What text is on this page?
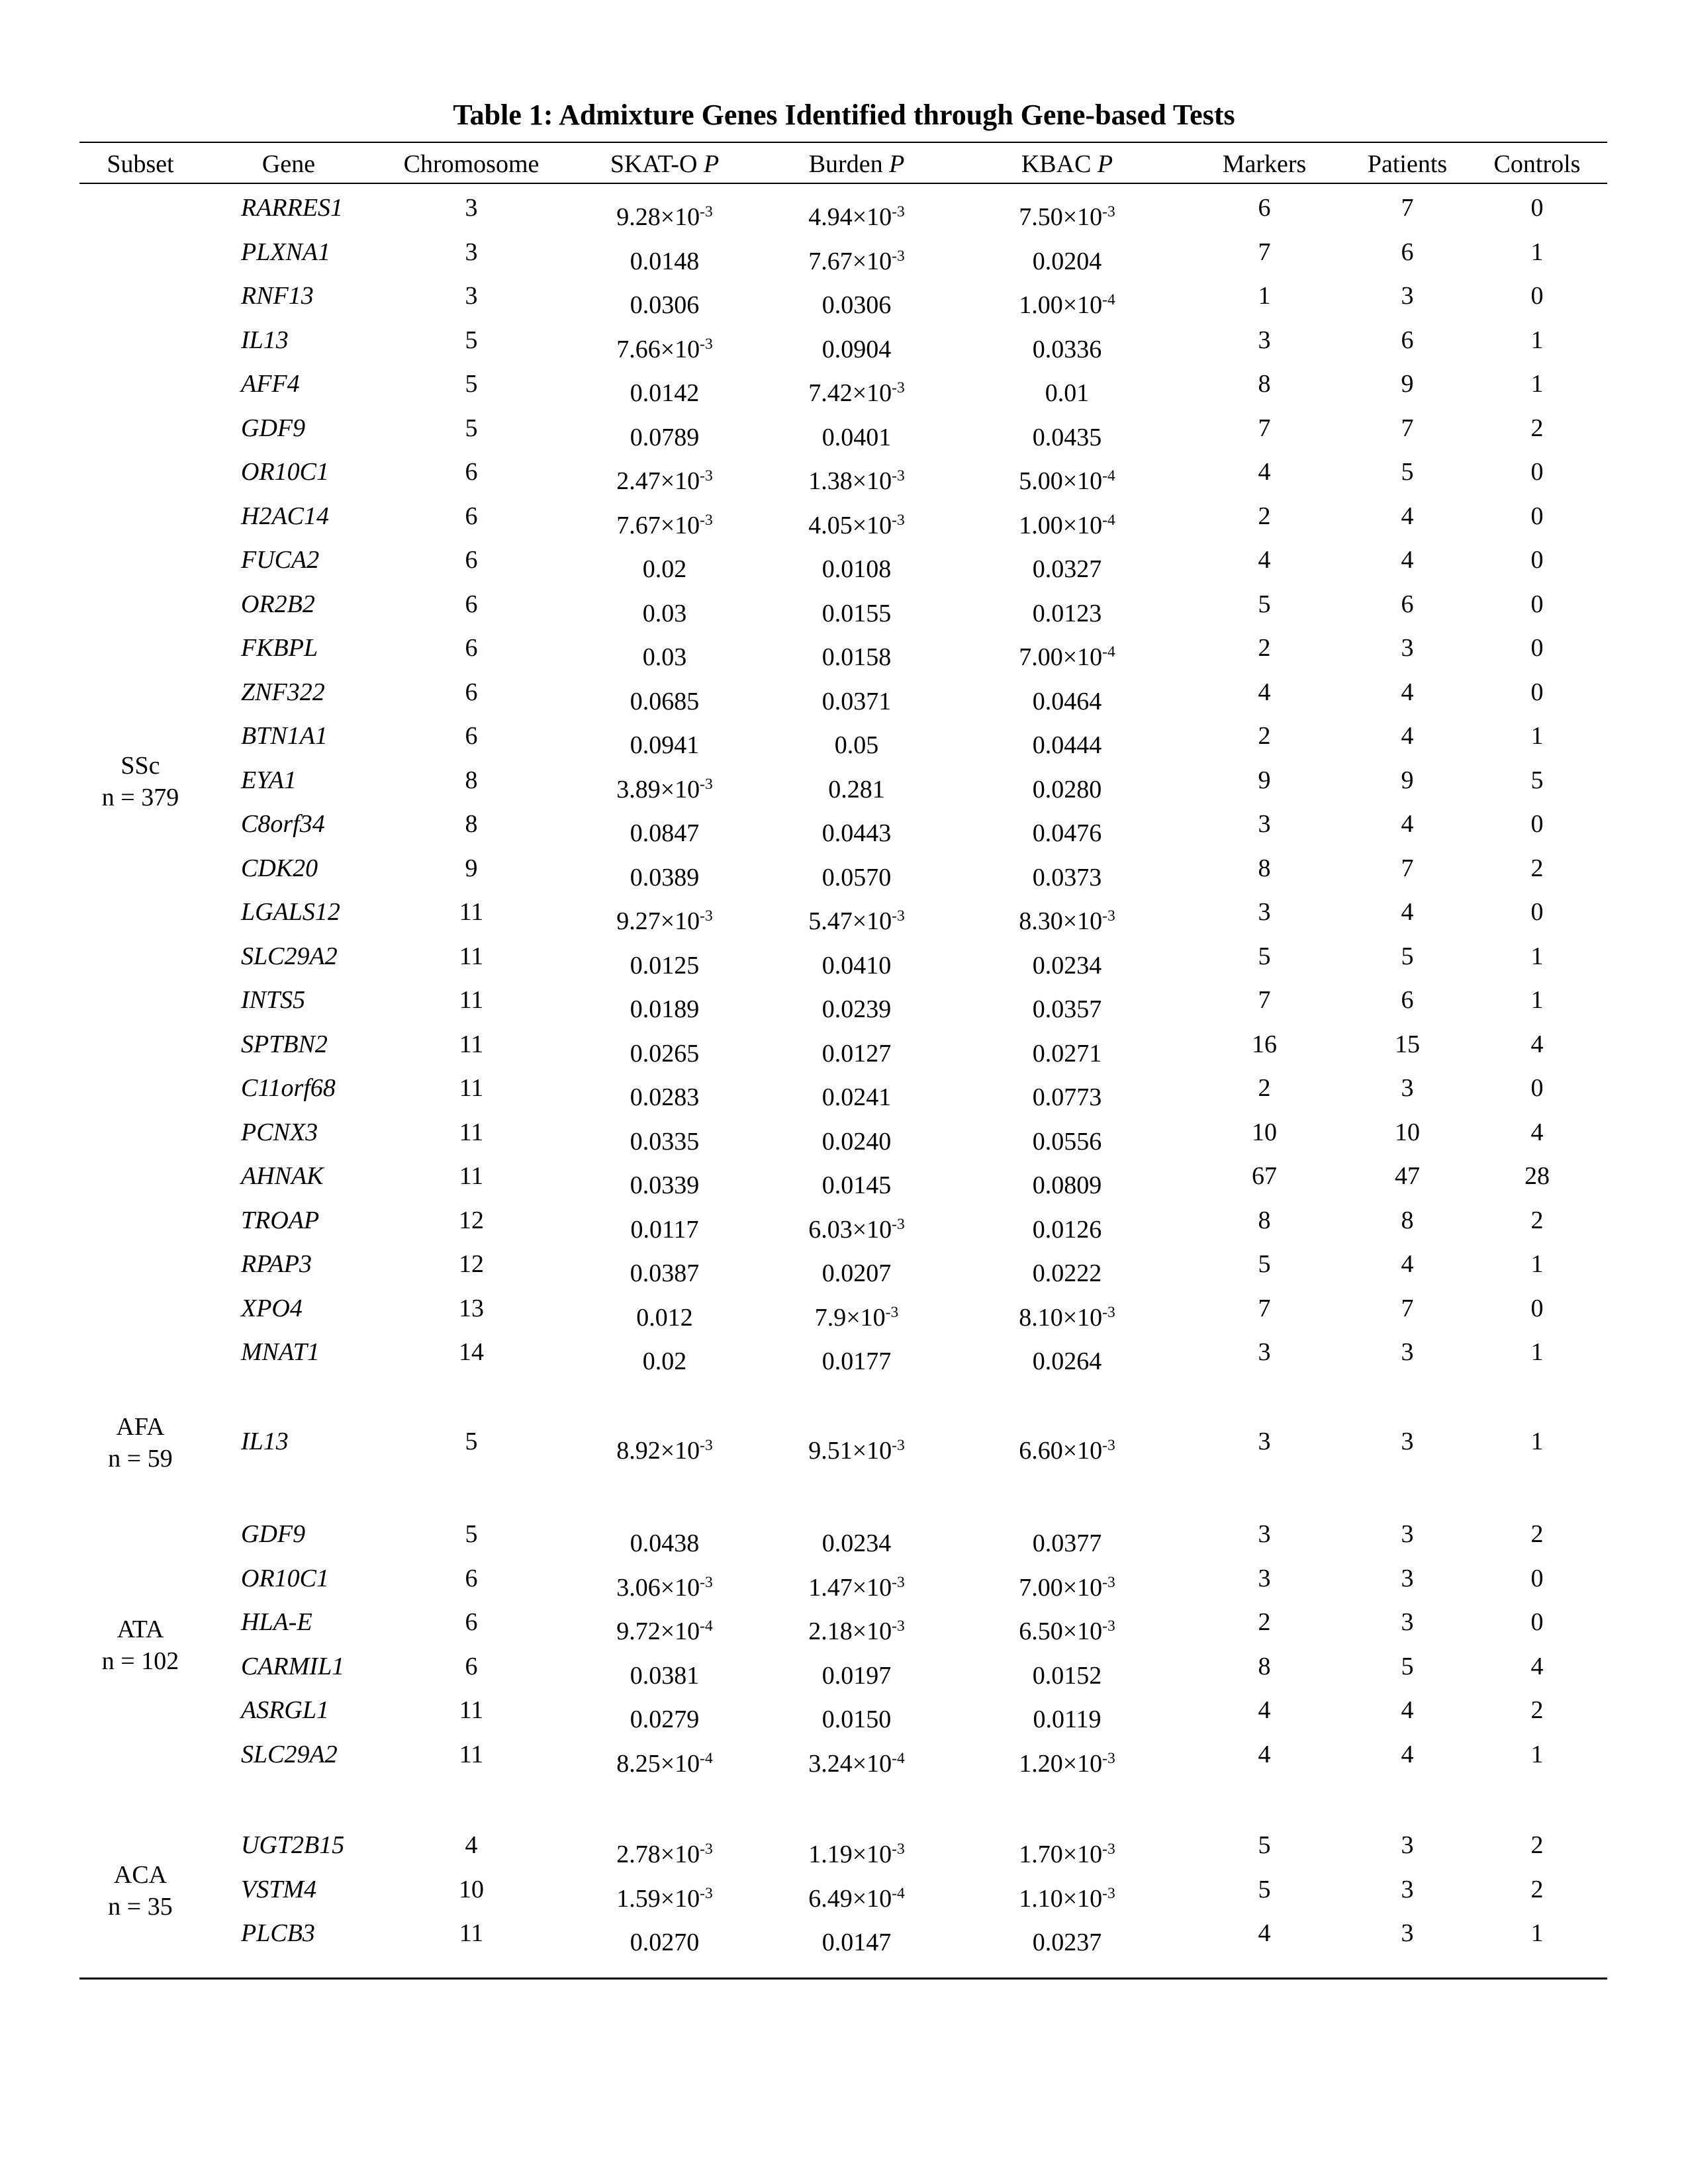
Table 1: Admixture Genes Identified through Gene-based Tests
Subset	Gene	Chromosome	SKAT-O P	Burden P	KBAC P	Markers Patients Controls
RARRES1	3	$9.28\times 10^{-3}$	$4.94\times 10^{-3}$	$7.50\times 10^{-3}$	6	7	0
PLXNA1	3	0.0148	$7.67\times 10^{-3}$	0.0204	7	6	1
RNF13	3	0.0306	0.0306	$1.00\times 10^{-4}$	1	3	0
IL13	5	$7.66\times 10^{-3}$	0.0904	0.0336	3	6	1
AFF4	5	0.0142	$7.42\times 10^{-3}$	0.01	8	9	1
GDF9	5	0.0789	0.0401	0.0435	7	7	2
OR10C1	6	$2.47\times 10^{-3}$	$1.38\times 10^{-3}$	$5.00\times 10^{-4}$	4	5	0
H2AC14	6	$7.67\times 10^{-3}$	$4.05\times 10^{-3}$	$1.00\times 10^{-4}$	2	4	0
FUCA2	6	0.02	0.0108	0.0327	4	4	0
OR2B2	6	0.03	0.0155	0.0123	5	6	0
FKBPL	6	0.03	0.0158	$7.00\times 10^{-4}$	2	3	0
ZNF322	6	0.0685	0.0371	0.0464	4	4	0
BTN1A1	6	0.0941	0.05	0.0444	2	4	1
EYA1	8	$3.89\times 10^{-3}$	0.281	0.0280	9	9	5
C8orf34	8	0.0847	0.0443	0.0476	3	4	0
CDK20	9	0.0389	0.0570	0.0373	8	7	2
LGALS12	11	$9.27\times 10^{-3}$	$5.47\times 10^{-3}$	$8.30\times 10^{-3}$	3	4	0
SLC29A2	11	0.0125	0.0410	0.0234	5	5	1
INTS5	11	0.0189	0.0239	0.0357	7	6	1
SPTBN2	11	0.0265	0.0127	0.0271	16	15	4
C11orf68	11	0.0283	0.0241	0.0773	2	3	0
PCNX3	11	0.0335	0.0240	0.0556	10	10	4
AHNAK	11	0.0339	0.0145	0.0809	67	47	28
TROAP	12	0.0117	$6.03\times 10^{-3}$	0.0126	8	8	2
RPAP3	12	0.0387	0.0207	0.0222	5	4	1
XPO4	13	0.012	$7.9\times 10^{-3}$	$8.10\times 10^{-3}$	7	7	0
MNAT1	14	0.02	0.0177	0.0264	3	3	1
SSc
n = 379
IL13	5	$8.92\times 10^{-3}$	$9.51\times 10^{-3}$	$6.60\times 10^{-3}$	3	3	1
AFA
n = 59
GDF9	5	0.0438	0.0234	0.0377	3	3	2
OR10C1	6	$3.06\times 10^{-3}$	$1.47\times 10^{-3}$	$7.00\times 10^{-3}$	3	3	0
HLA-E	6	$9.72\times 10^{-4}$	$2.18\times 10^{-3}$	$6.50\times 10^{-3}$	2	3	0
CARMIL1	6	0.0381	0.0197	0.0152	8	5	4
ASRGL1	11	0.0279	0.0150	0.0119	4	4	2
SLC29A2	11	$8.25\times 10^{-4}$	$3.24\times 10^{-4}$	$1.20\times 10^{-3}$	4	4	1
ATA
n = 102
UGT2B15	4	$2.78\times 10^{-3}$	$1.19\times 10^{-3}$	$1.70\times 10^{-3}$	5	3	2
VSTM4	10	$1.59\times 10^{-3}$	$6.49\times 10^{-4}$	$1.10\times 10^{-3}$	5	3	2
PLCB3	11	0.0270	0.0147	0.0237	4	3	1
ACA
n = 35
